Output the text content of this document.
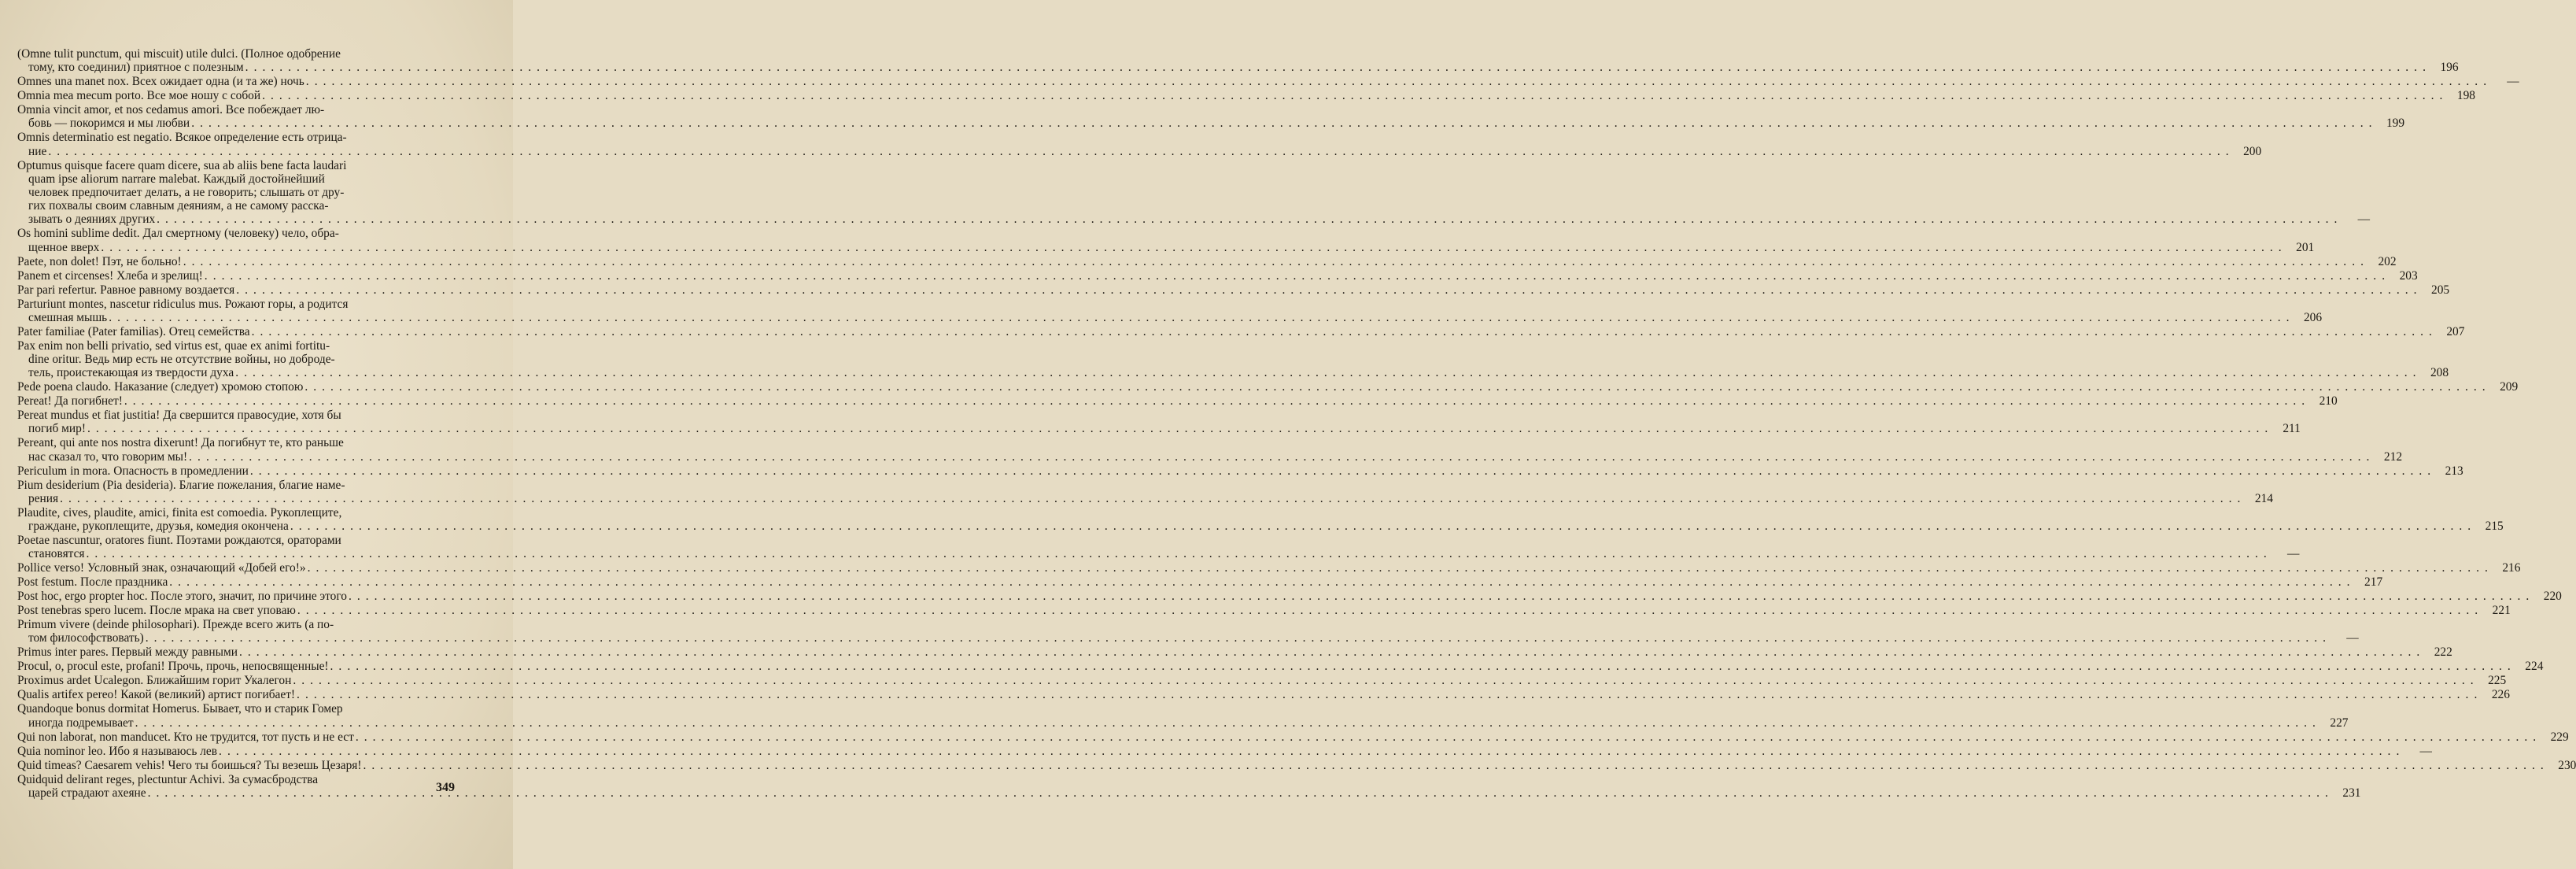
(Omne tulit punctum, qui miscuit) utile dulci. (Полное одобрение
тому, кто соединил) приятное с полезным . . .	196
Omnes una manet nox. Всех ожидает одна (и та же) ночь . . .	—
Omnia mea mecum porto. Все мое ношу с собой . . .	198
Omnia vincit amor, et nos cedamus amori. Все побеждает лю-
бовь — покоримся и мы любви . . .	199
Omnis determinatio est negatio. Всякое определение есть отрица-
ние . . .	200
Optumus quisque facere quam dicere, sua ab aliis bene facta laudari
quam ipse aliorum narrare malebat. Каждый достойнейший
человек предпочитает делать, а не говорить; слышать от дру-
гих похвалы своим славным деяниям, а не самому расска-
зывать о деяниях других . . .	—
Os homini sublime dedit. Дал смертному (человеку) чело, обра-
щенное вверх . . .	201
Paete, non dolet! Пэт, не больно! . . .	202
Panem et circenses! Хлеба и зрелищ! . . .	203
Par pari refertur. Равное равному воздается . . .	205
Parturiunt montes, nascetur ridiculus mus. Рожают горы, а родится
смешная мышь . . .	206
Pater familiae (Pater familias). Отец семейства . . .	207
Pax enim non belli privatio, sed virtus est, quae ex animi fortitu-
dine oritur. Ведь мир есть не отсутствие войны, но доброде-
тель, проистекающая из твердости духа . . .	208
Pede poena claudo. Наказание (следует) хромою стопою . . .	209
Pereat! Да погибнет! . . .	210
Pereat mundus et fiat justitia! Да свершится правосудие, хотя бы
погиб мир! . . .	211
Pereant, qui ante nos nostra dixerunt! Да погибнут те, кто раньше
нас сказал то, что говорим мы! . . .	212
Periculum in mora. Опасность в промедлении . . .	213
Pium desiderium (Pia desideria). Благие пожелания, благие наме-
рения . . .	214
Plaudite, cives, plaudite, amici, finita est comoedia. Рукоплещите,
граждане, рукоплещите, друзья, комедия окончена . . .	215
Poetae nascuntur, oratores fiunt. Поэтами рождаются, ораторами
становятся . . .	—
Pollice verso! Условный знак, означающий «Добей его!» . . .	216
Post festum. После праздника . . .	217
Post hoc, ergo propter hoc. После этого, значит, по причине этого . . .	220
Post tenebras spero lucem. После мрака на свет уповаю . . .	221
Primum vivere (deinde philosophari). Прежде всего жить (а по-
том философствовать) . . .	—
Primus inter pares. Первый между равными . . .	222
Procul, o, procul este, profani! Прочь, прочь, непосвященные! . . .	224
Proximus ardet Ucalegon. Ближайшим горит Укалегон . . .	225
Qualis artifex pereo! Какой (великий) артист погибает! . . .	226
Quandoque bonus dormitat Homerus. Бывает, что и старик Гомер
иногда подремывает . . .	227
Qui non laborat, non manducet. Кто не трудится, тот пусть и не ест . . .	229
Quia nominor leo. Ибо я называюсь лев . . .	—
Quid timeas? Caesarem vehis! Чего ты боишься? Ты везешь Цезаря! . . .	230
Quidquid delirant reges, plectuntur Achivi. За сумасбродства
царей страдают ахеяне . . .	231
349
